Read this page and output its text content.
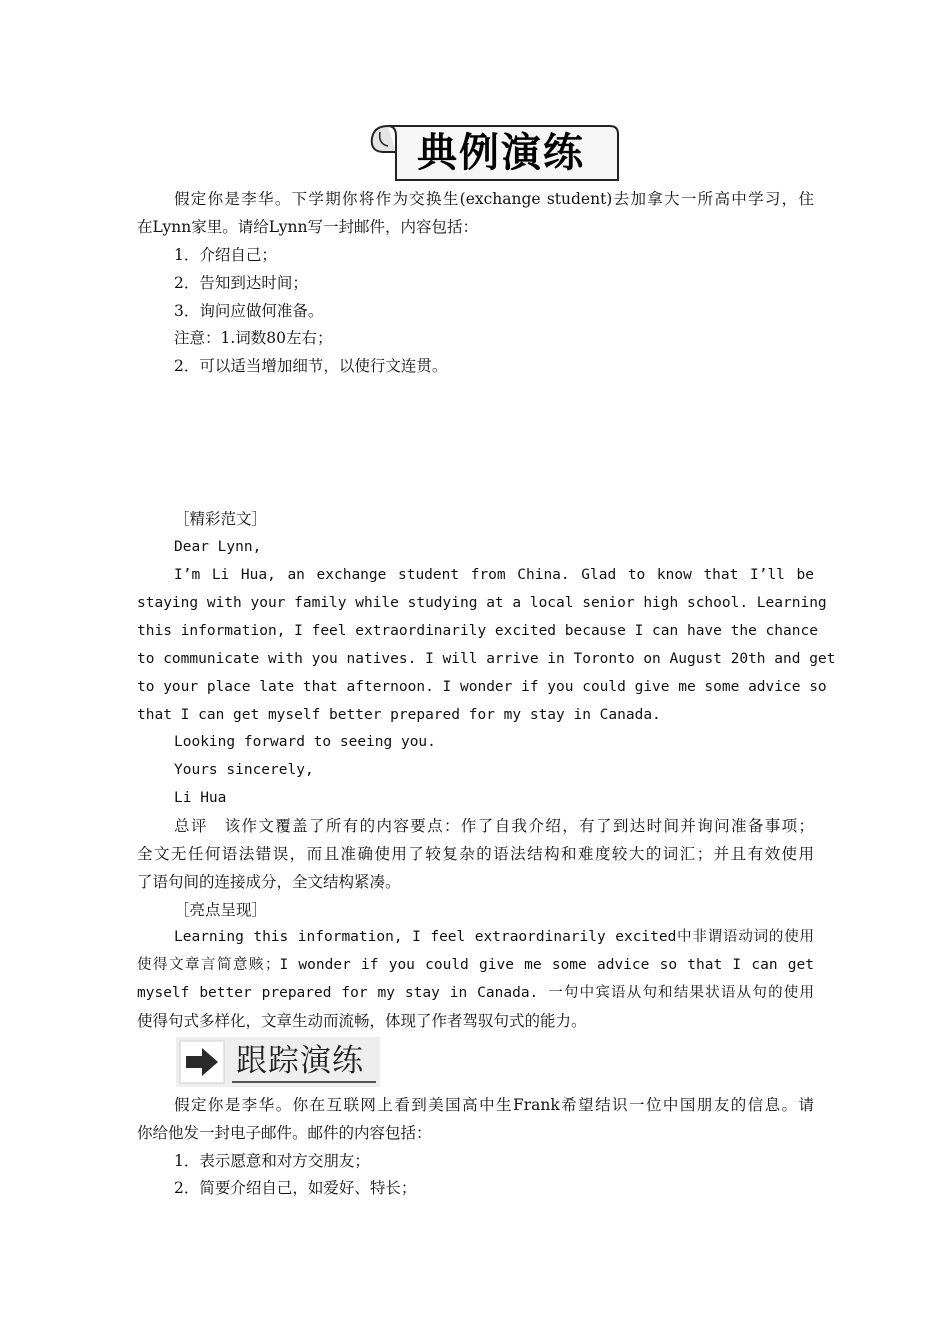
典例演练
假定你是李华。下学期你将作为交换生(exchange student)去加拿大一所高中学习，住
在Lynn家里。请给Lynn写一封邮件，内容包括：
1．介绍自己；
2．告知到达时间；
3．询问应做何准备。
注意：1.词数80左右；
2．可以适当增加细节，以使行文连贯。
［精彩范文］
Dear Lynn,
I’m Li Hua, an exchange student from China. Glad to know that I’ll be
staying with your family while studying at a local senior high school. Learning
this information, I feel extraordinarily excited because I can have the chance
to communicate with you natives. I will arrive in Toronto on August 20th and get
to your place late that afternoon. I wonder if you could give me some advice so
that I can get myself better prepared for my stay in Canada.
Looking forward to seeing you.
Yours sincerely,
Li Hua
总评　该作文覆盖了所有的内容要点：作了自我介绍，有了到达时间并询问准备事项；
全文无任何语法错误，而且准确使用了较复杂的语法结构和难度较大的词汇；并且有效使用
了语句间的连接成分，全文结构紧凑。
［亮点呈现］
Learning this information, I feel extraordinarily excited中非谓语动词的使用
使得文章言简意赅；I wonder if you could give me some advice so that I can get
myself better prepared for my stay in Canada. 一句中宾语从句和结果状语从句的使用
使得句式多样化，文章生动而流畅，体现了作者驾驭句式的能力。
跟踪演练
假定你是李华。你在互联网上看到美国高中生Frank希望结识一位中国朋友的信息。请
你给他发一封电子邮件。邮件的内容包括：
1．表示愿意和对方交朋友；
2．简要介绍自己，如爱好、特长；
